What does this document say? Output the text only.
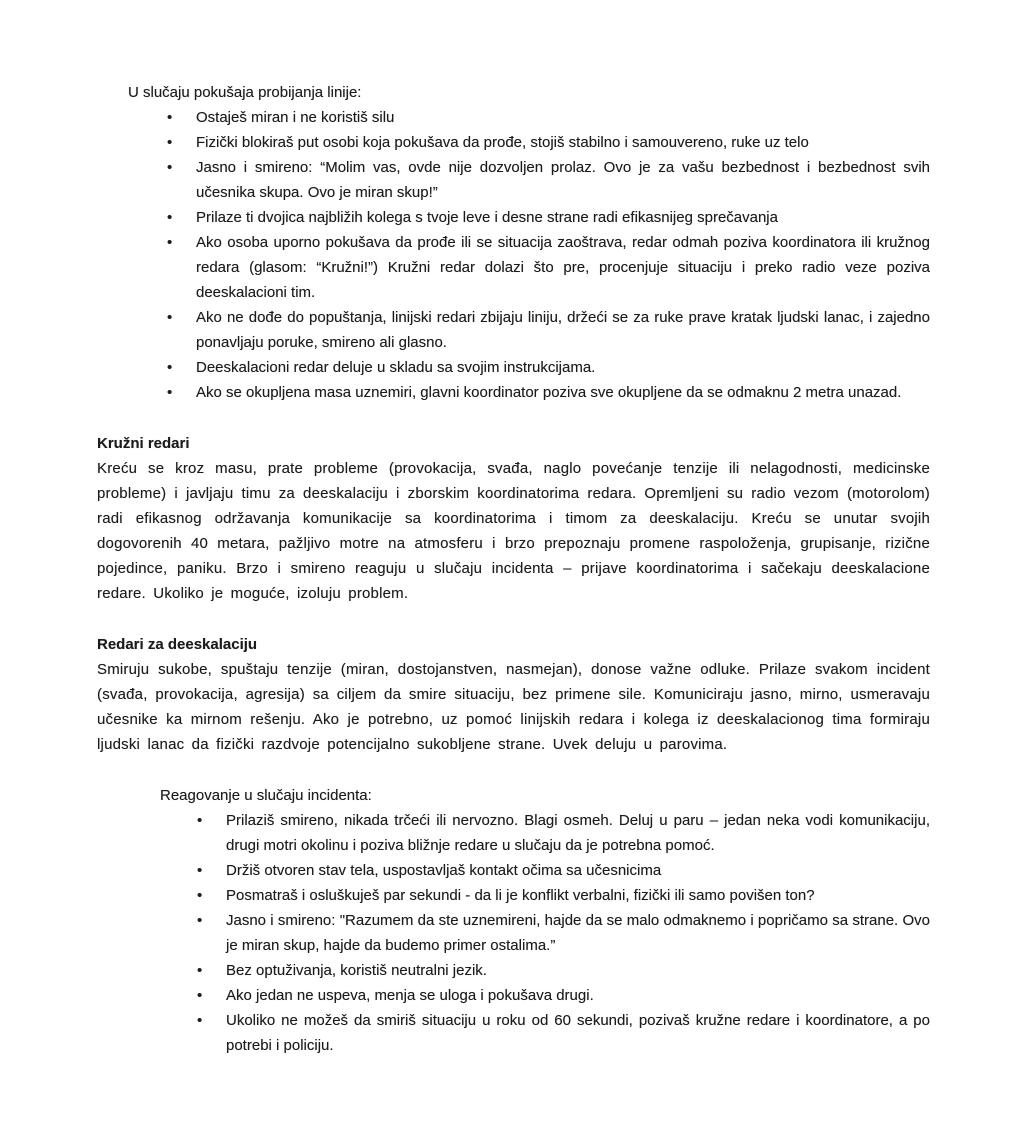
U slučaju pokušaja probijanja linije:

• Ostaješ miran i ne koristiš silu
• Fizički blokiraš put osobi koja pokušava da prođe, stojiš stabilno i samouvereno, ruke uz telo
• Jasno i smireno: “Molim vas, ovde nije dozvoljen prolaz. Ovo je za vašu bezbednost i bezbednost svih učesnika skupa. Ovo je miran skup!”
• Prilaze ti dvojica najbližih kolega s tvoje leve i desne strane radi efikasnijeg sprečavanja
• Ako osoba uporno pokušava da prođe ili se situacija zaoštrava, redar odmah poziva koordinatora ili kružnog redara (glasom: “Kružni!”) Kružni redar dolazi što pre, procenjuje situaciju i preko radio veze poziva deeskalacioni tim.
• Ako ne dođe do popuštanja, linijski redari zbijaju liniju, držeći se za ruke prave kratak ljudski lanac, i zajedno ponavljaju poruke, smireno ali glasno.
• Deeskalacioni redar deluje u skladu sa svojim instrukcijama.
• Ako se okupljena masa uznemiri, glavni koordinator poziva sve okupljene da se odmaknu 2 metra unazad.
Kružni redari

Kreću se kroz masu, prate probleme (provokacija, svađa, naglo povećanje tenzije ili nelagodnosti, medicinske probleme) i javljaju timu za deeskalaciju i zborskim koordinatorima redara. Opremljeni su radio vezom (motorolom) radi efikasnog održavanja komunikacije sa koordinatorima i timom za deeskalaciju. Kreću se unutar svojih dogovorenih 40 metara, pažljivo motre na atmosferu i brzo prepoznaju promene raspoloženja, grupisanje, rizične pojedince, paniku. Brzo i smireno reaguju u slučaju incidenta – prijave koordinatorima i sačekaju deeskalacione redare. Ukoliko je moguće, izoluju problem.

Redari za deeskalaciju

Smiruju sukobe, spuštaju tenzije (miran, dostojanstven, nasmejan), donose važne odluke. Prilaze svakom incident (svađa, provokacija, agresija) sa ciljem da smire situaciju, bez primene sile. Komuniciraju jasno, mirno, usmeravaju učesnike ka mirnom rešenju. Ako je potrebno, uz pomoć linijskih redara i kolega iz deeskalacionog tima formiraju ljudski lanac da fizički razdvoje potencijalno sukobljene strane. Uvek deluju u parovima.

Reagovanje u slučaju incidenta:

• Prilaziš smireno, nikada trčeći ili nervozno. Blagi osmeh. Deluj u paru – jedan neka vodi komunikaciju, drugi motri okolinu i poziva bližnje redare u slučaju da je potrebna pomoć.
• Držiš otvoren stav tela, uspostavljaš kontakt očima sa učesnicima
• Posmatraš i osluškuješ par sekundi - da li je konflikt verbalni, fizički ili samo povišen ton?
• Jasno i smireno: "Razumem da ste uznemireni, hajde da se malo odmaknemo i popričamo sa strane. Ovo je miran skup, hajde da budemo primer ostalima.”
• Bez optuživanja, koristiš neutralni jezik.
• Ako jedan ne uspeva, menja se uloga i pokušava drugi.
• Ukoliko ne možeš da smiriš situaciju u roku od 60 sekundi, pozivaš kružne redare i koordinatore, a po potrebi i policiju.
